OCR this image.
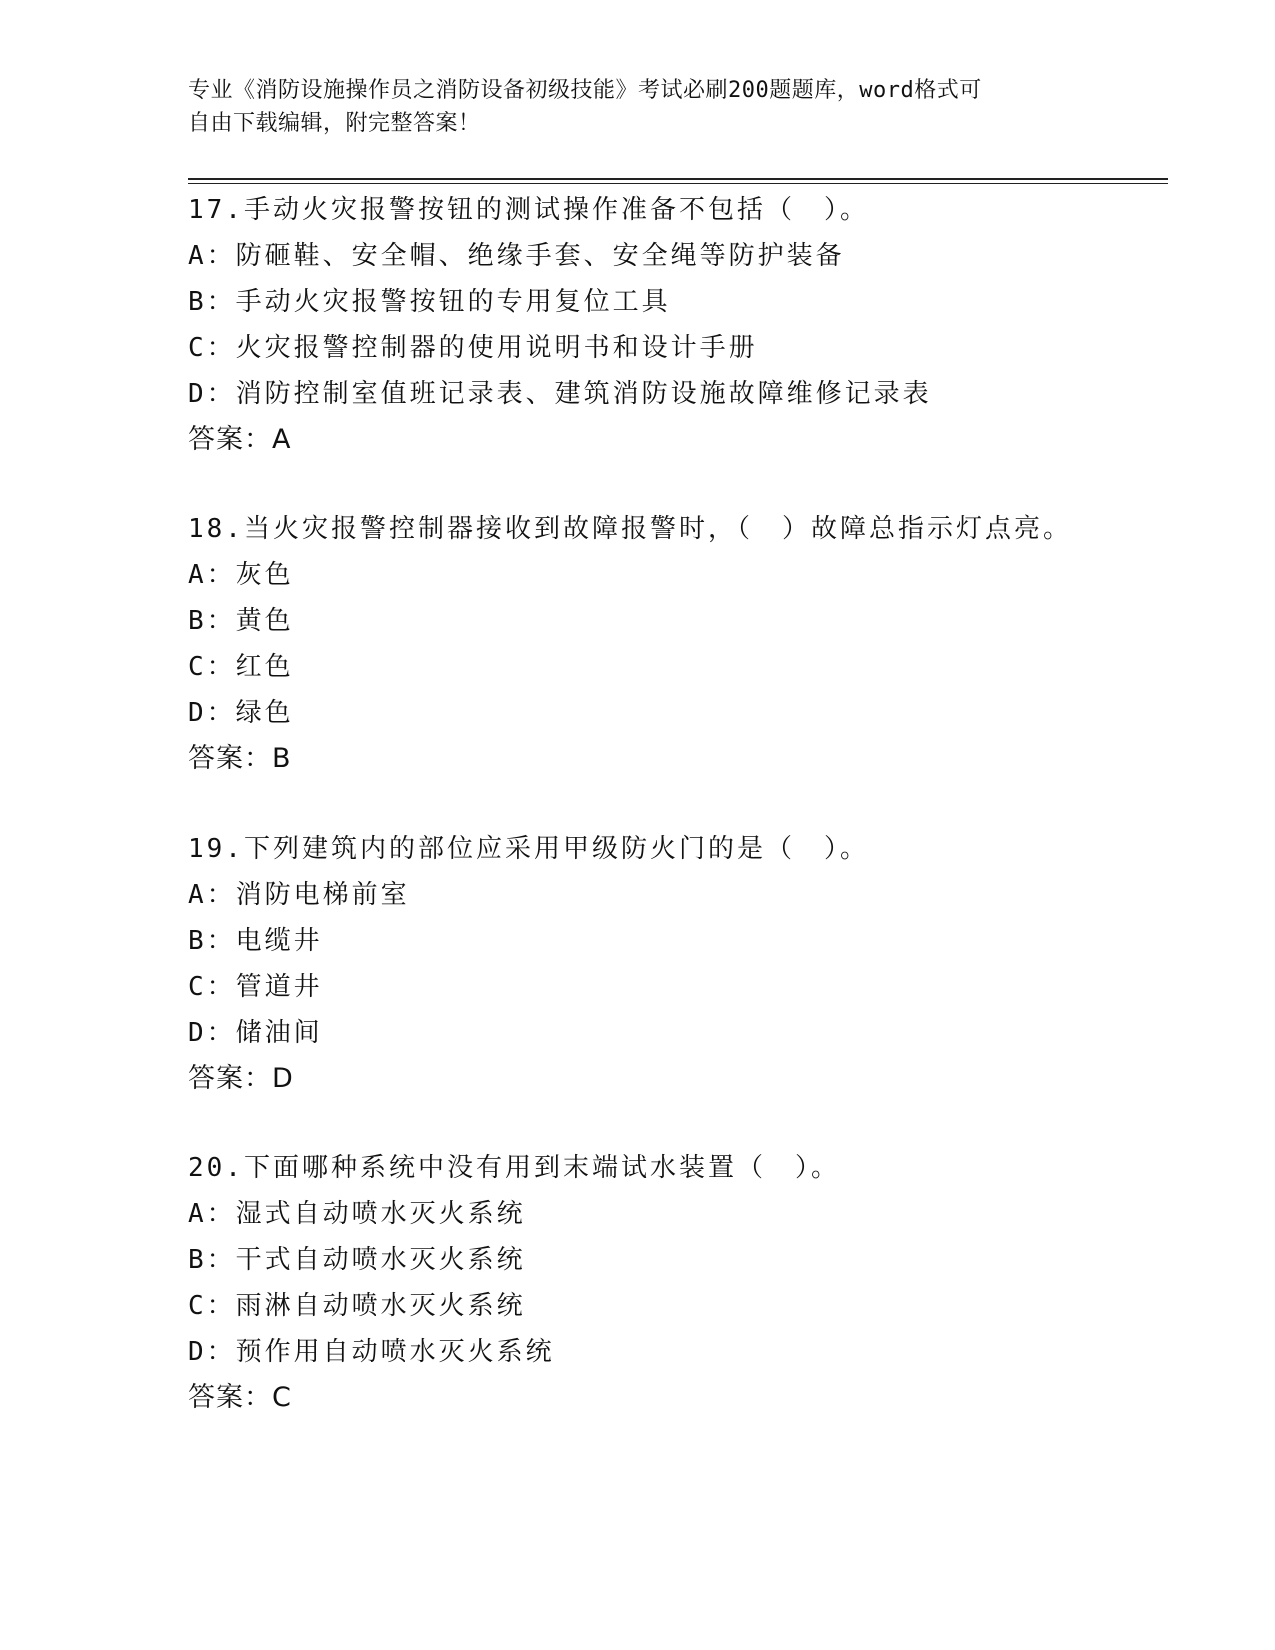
专业《消防设施操作员之消防设备初级技能》考试必刷200题题库，word格式可
自由下载编辑，附完整答案！
17.手动火灾报警按钮的测试操作准备不包括（　）。
A：防砸鞋、安全帽、绝缘手套、安全绳等防护装备
B：手动火灾报警按钮的专用复位工具
C：火灾报警控制器的使用说明书和设计手册
D：消防控制室值班记录表、建筑消防设施故障维修记录表
答案：A
18.当火灾报警控制器接收到故障报警时，（　）故障总指示灯点亮。
A：灰色
B：黄色
C：红色
D：绿色
答案：B
19.下列建筑内的部位应采用甲级防火门的是（　）。
A：消防电梯前室
B：电缆井
C：管道井
D：储油间
答案：D
20.下面哪种系统中没有用到末端试水装置（　）。
A：湿式自动喷水灭火系统
B：干式自动喷水灭火系统
C：雨淋自动喷水灭火系统
D：预作用自动喷水灭火系统
答案：C
